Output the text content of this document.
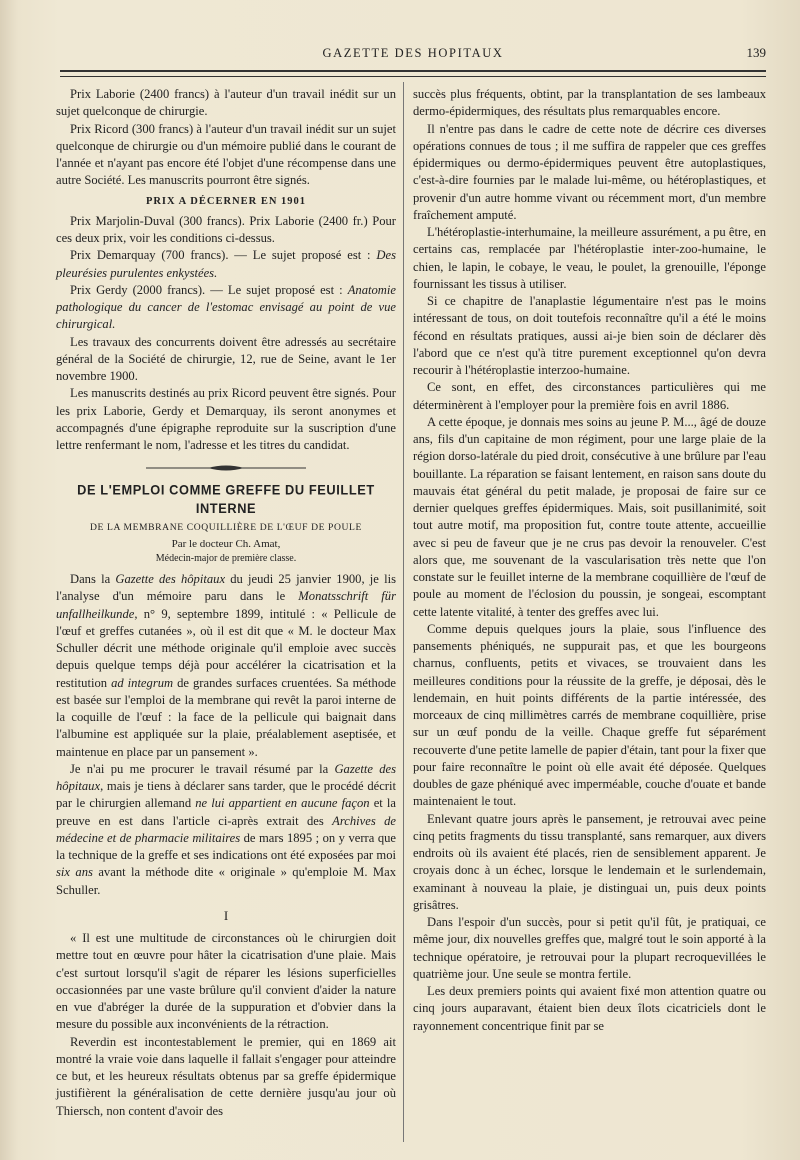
GAZETTE DES HOPITAUX	139

Prix Laborie (2400 francs) à l'auteur d'un travail inédit sur un sujet quelconque de chirurgie.

Prix Ricord (300 francs) à l'auteur d'un travail inédit sur un sujet quelconque de chirurgie ou d'un mémoire publié dans le courant de l'année et n'ayant pas encore été l'objet d'une récompense dans une autre Société. Les manuscrits pourront être signés.

PRIX A DÉCERNER EN 1901

Prix Marjolin-Duval (300 francs). Prix Laborie (2400 fr.) Pour ces deux prix, voir les conditions ci-dessus.

Prix Demarquay (700 francs). — Le sujet proposé est : Des pleurésies purulentes enkystées.

Prix Gerdy (2000 francs). — Le sujet proposé est : Anatomie pathologique du cancer de l'estomac envisagé au point de vue chirurgical.

Les travaux des concurrents doivent être adressés au secrétaire général de la Société de chirurgie, 12, rue de Seine, avant le 1er novembre 1900.

Les manuscrits destinés au prix Ricord peuvent être signés. Pour les prix Laborie, Gerdy et Demarquay, ils seront anonymes et accompagnés d'une épigraphe reproduite sur la suscription d'une lettre renfermant le nom, l'adresse et les titres du candidat.

DE L'EMPLOI COMME GREFFE DU FEUILLET INTERNE
DE LA MEMBRANE COQUILLIÈRE DE L'ŒUF DE POULE
Par le docteur Ch. Amat,
Médecin-major de première classe.

Dans la Gazette des hôpitaux du jeudi 25 janvier 1900, je lis l'analyse d'un mémoire paru dans le Monatsschrift für unfallheilkunde, n° 9, septembre 1899, intitulé : « Pellicule de l'œuf et greffes cutanées », où il est dit que « M. le docteur Max Schuller décrit une méthode originale qu'il emploie avec succès depuis quelque temps déjà pour accélérer la cicatrisation et la restitution ad integrum de grandes surfaces cruentées. Sa méthode est basée sur l'emploi de la membrane qui revêt la paroi interne de la coquille de l'œuf : la face de la pellicule qui baignait dans l'albumine est appliquée sur la plaie, préalablement aseptisée, et maintenue en place par un pansement ».

Je n'ai pu me procurer le travail résumé par la Gazette des hôpitaux, mais je tiens à déclarer sans tarder, que le procédé décrit par le chirurgien allemand ne lui appartient en aucune façon et la preuve en est dans l'article ci-après extrait des Archives de médecine et de pharmacie militaires de mars 1895 ; on y verra que la technique de la greffe et ses indications ont été exposées par moi six ans avant la méthode dite « originale » qu'emploie M. Max Schuller.

I

« Il est une multitude de circonstances où le chirurgien doit mettre tout en œuvre pour hâter la cicatrisation d'une plaie. Mais c'est surtout lorsqu'il s'agit de réparer les lésions superficielles occasionnées par une vaste brûlure qu'il convient d'aider la nature en vue d'abréger la durée de la suppuration et d'obvier dans la mesure du possible aux inconvénients de la rétraction.

Reverdin est incontestablement le premier, qui en 1869 ait montré la vraie voie dans laquelle il fallait s'engager pour atteindre ce but, et les heureux résultats obtenus par sa greffe épidermique justifièrent la généralisation de cette dernière jusqu'au jour où Thiersch, non content d'avoir des

succès plus fréquents, obtint, par la transplantation de ses lambeaux dermo-épidermiques, des résultats plus remarquables encore.

Il n'entre pas dans le cadre de cette note de décrire ces diverses opérations connues de tous ; il me suffira de rappeler que ces greffes épidermiques ou dermo-épidermiques peuvent être autoplastiques, c'est-à-dire fournies par le malade lui-même, ou hétéroplastiques, et provenir d'un autre homme vivant ou récemment mort, d'un membre fraîchement amputé.

L'hétéroplastie-interhumaine, la meilleure assurément, a pu être, en certains cas, remplacée par l'hétéroplastie inter-zoo-humaine, le chien, le lapin, le cobaye, le veau, le poulet, la grenouille, l'éponge fournissant les tissus à utiliser.

Si ce chapitre de l'anaplastie légumentaire n'est pas le moins intéressant de tous, on doit toutefois reconnaître qu'il a été le moins fécond en résultats pratiques, aussi ai-je bien soin de déclarer dès l'abord que ce n'est qu'à titre purement exceptionnel qu'on devra recourir à l'hétéroplastie interzoo-humaine.

Ce sont, en effet, des circonstances particulières qui me déterminèrent à l'employer pour la première fois en avril 1886.

A cette époque, je donnais mes soins au jeune P. M..., âgé de douze ans, fils d'un capitaine de mon régiment, pour une large plaie de la région dorso-latérale du pied droit, consécutive à une brûlure par l'eau bouillante. La réparation se faisant lentement, en raison sans doute du mauvais état général du petit malade, je proposai de faire sur ce dernier quelques greffes épidermiques. Mais, soit pusillanimité, soit tout autre motif, ma proposition fut, contre toute attente, accueillie avec si peu de faveur que je ne crus pas devoir la renouveler. C'est alors que, me souvenant de la vascularisation très nette que l'on constate sur le feuillet interne de la membrane coquillière de l'œuf de poule au moment de l'éclosion du poussin, je songeai, escomptant cette latente vitalité, à tenter des greffes avec lui.

Comme depuis quelques jours la plaie, sous l'influence des pansements phéniqués, ne suppurait pas, et que les bourgeons charnus, confluents, petits et vivaces, se trouvaient dans les meilleures conditions pour la réussite de la greffe, je déposai, dès le lendemain, en huit points différents de la partie intéressée, des morceaux de cinq millimètres carrés de membrane coquillière, prise sur un œuf pondu de la veille. Chaque greffe fut séparément recouverte d'une petite lamelle de papier d'étain, tant pour la fixer que pour faire reconnaître le point où elle avait été déposée. Quelques doubles de gaze phéniqué avec imperméable, couche d'ouate et bande maintenaient le tout.

Enlevant quatre jours après le pansement, je retrouvai avec peine cinq petits fragments du tissu transplanté, sans remarquer, aux divers endroits où ils avaient été placés, rien de sensiblement apparent. Je croyais donc à un échec, lorsque le lendemain et le surlendemain, examinant à nouveau la plaie, je distinguai un, puis deux points grisâtres.

Dans l'espoir d'un succès, pour si petit qu'il fût, je pratiquai, ce même jour, dix nouvelles greffes que, malgré tout le soin apporté à la technique opératoire, je retrouvai pour la plupart recroquevillées le quatrième jour. Une seule se montra fertile.

Les deux premiers points qui avaient fixé mon attention quatre ou cinq jours auparavant, étaient bien deux îlots cicatriciels dont le rayonnement concentrique finit par se
